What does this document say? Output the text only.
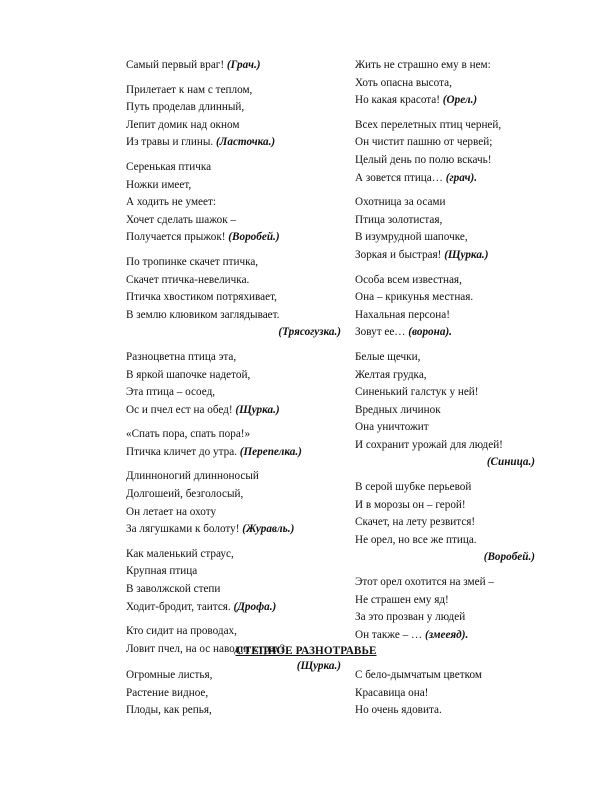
Самый первый враг! (Грач.)
Прилетает к нам с теплом,
Путь проделав длинный,
Лепит домик над окном
Из травы и глины. (Ласточка.)
Серенькая птичка
Ножки имеет,
А ходить не умеет:
Хочет сделать шажок –
Получается прыжок! (Воробей.)
По тропинке скачет птичка,
Скачет птичка-невеличка.
Птичка хвостиком потряхивает,
В землю клювиком заглядывает.
(Трясогузка.)
Разноцветна птица эта,
В яркой шапочке надетой,
Эта птица – осоед,
Ос и пчел ест на обед! (Щурка.)
«Спать пора, спать пора!»
Птичка кличет до утра. (Перепелка.)
Длинноногий длинноносый
Долгошеий, безголосый,
Он летает на охоту
За лягушками к болоту! (Журавль.)
Как маленький страус,
Крупная птица
В заволжской степи
Ходит-бродит, таится. (Дрофа.)
Кто сидит на проводах,
Ловит пчел, на ос наводит страх?
(Щурка.)
Жить не страшно ему в нем:
Хоть опасна высота,
Но какая красота! (Орел.)
Всех перелетных птиц черней,
Он чистит пашню от червей;
Целый день по полю вскачь!
А зовется птица… (грач).
Охотница за осами
Птица золотистая,
В изумрудной шапочке,
Зоркая и быстрая! (Щурка.)
Особа всем известная,
Она – крикунья местная.
Нахальная персона!
Зовут ее… (ворона).
Белые щечки,
Желтая грудка,
Синенький галстук у ней!
Вредных личинок
Она уничтожит
И сохранит урожай для людей!
(Синица.)
В серой шубке перьевой
И в морозы он – герой!
Скачет, на лету резвится!
Не орел, но все же птица.
(Воробей.)
Этот орел охотится на змей –
Не страшен ему яд!
За это прозван у людей
Он также – … (змееяд).
СТЕПНОЕ РАЗНОТРАВЬЕ
Огромные листья,
Растение видное,
Плоды, как репья,
С бело-дымчатым цветком
Красавица она!
Но очень ядовита.
